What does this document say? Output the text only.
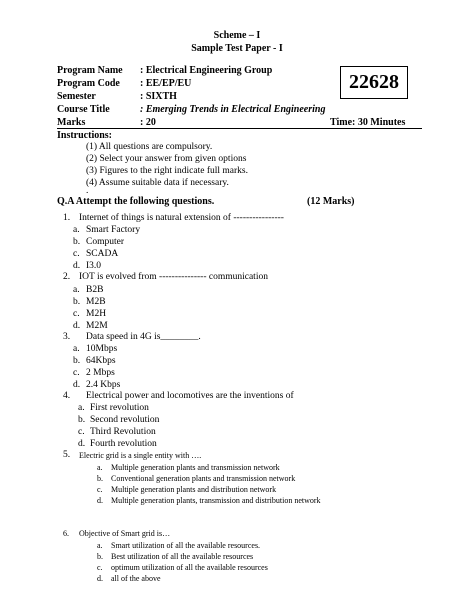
Scheme – I
Sample Test Paper - I
Program Name : Electrical Engineering Group
Program Code : EE/EP/EU
Semester	: SIXTH
Course Title	: Emerging Trends in Electrical Engineering
Marks	: 20
22628
Time: 30 Minutes
Instructions:
(1) All questions are compulsory.
(2) Select your answer from given options
(3) Figures to the right indicate full marks.
(4) Assume suitable data if necessary.
.
Q.A Attempt the following questions.	(12 Marks)
1. Internet of things is natural extension of ----------------
a. Smart Factory
b. Computer
c. SCADA
d. I3.0
2. IOT is evolved from --------------- communication
a. B2B
b. M2B
c. M2H
d. M2M
3. Data speed in 4G is________.
a. 10Mbps
b. 64Kbps
c. 2 Mbps
d. 2.4 Kbps
4. Electrical power and locomotives are the inventions of
a. First revolution
b. Second revolution
c. Third Revolution
d. Fourth revolution
5. Electric grid is a single entity with ….
a. Multiple generation plants and transmission network
b. Conventional generation plants and transmission network
c. Multiple generation plants and distribution network
d. Multiple generation plants, transmission and distribution network
6. Objective of Smart grid is…
a. Smart utilization of all the available resources.
b. Best utilization of all the available resources
c. optimum utilization of all the available resources
d. all of the above
